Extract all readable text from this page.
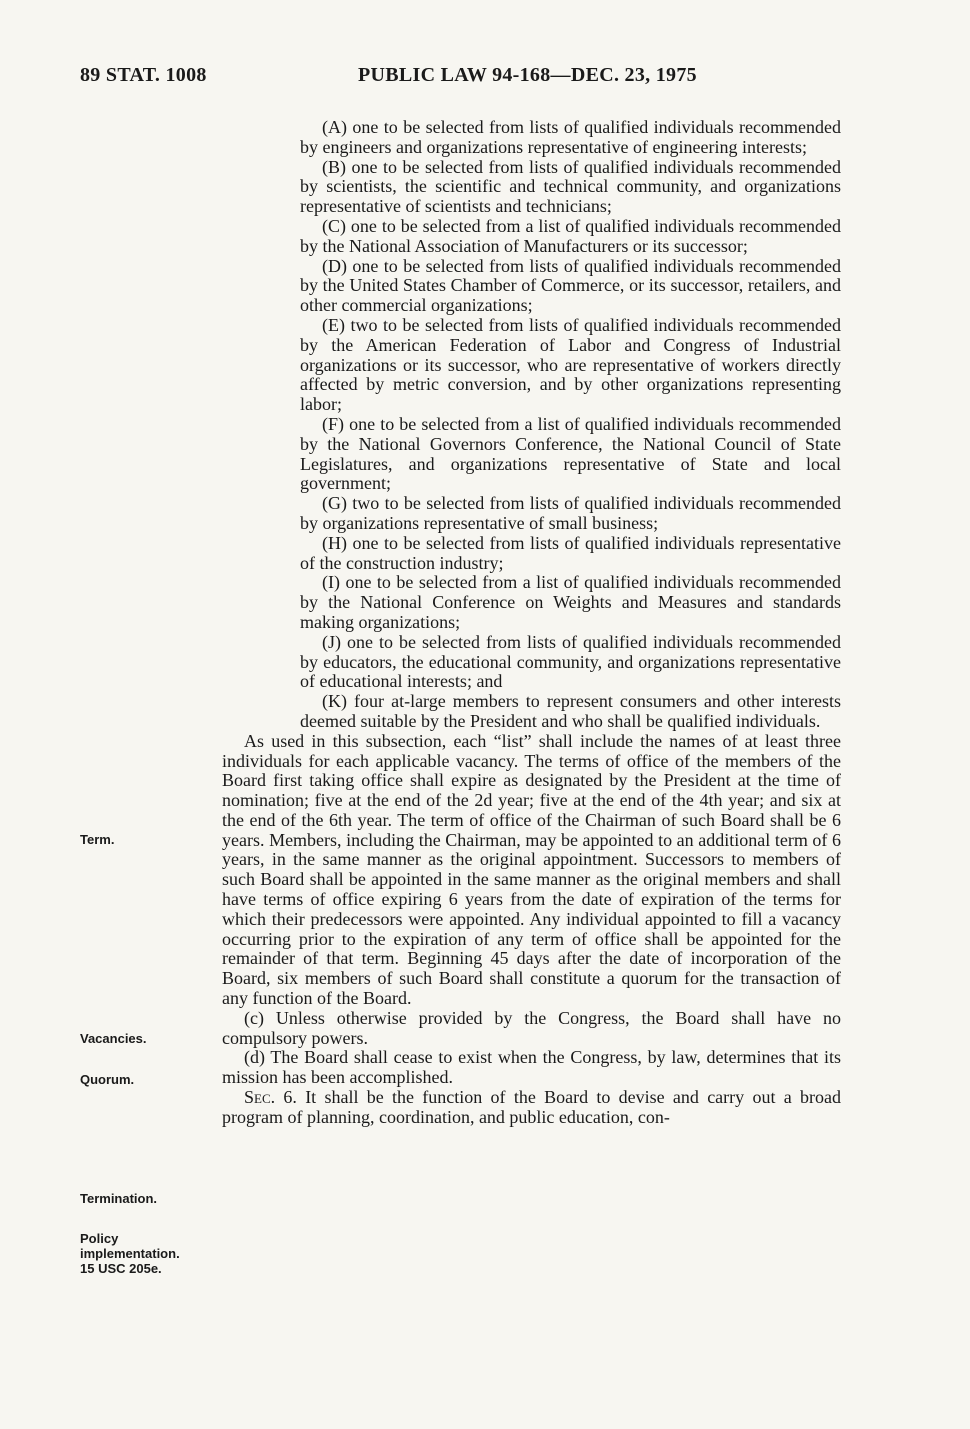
89 STAT. 1008	PUBLIC LAW 94-168—DEC. 23, 1975

(A) one to be selected from lists of qualified individuals recommended by engineers and organizations representative of engineering interests;

(B) one to be selected from lists of qualified individuals recommended by scientists, the scientific and technical community, and organizations representative of scientists and technicians;

(C) one to be selected from a list of qualified individuals recommended by the National Association of Manufacturers or its successor;

(D) one to be selected from lists of qualified individuals recommended by the United States Chamber of Commerce, or its successor, retailers, and other commercial organizations;

(E) two to be selected from lists of qualified individuals recommended by the American Federation of Labor and Congress of Industrial organizations or its successor, who are representative of workers directly affected by metric conversion, and by other organizations representing labor;

(F) one to be selected from a list of qualified individuals recommended by the National Governors Conference, the National Council of State Legislatures, and organizations representative of State and local government;

(G) two to be selected from lists of qualified individuals recommended by organizations representative of small business;

(H) one to be selected from lists of qualified individuals representative of the construction industry;

(I) one to be selected from a list of qualified individuals recommended by the National Conference on Weights and Measures and standards making organizations;

(J) one to be selected from lists of qualified individuals recommended by educators, the educational community, and organizations representative of educational interests; and

(K) four at-large members to represent consumers and other interests deemed suitable by the President and who shall be qualified individuals.

As used in this subsection, each “list” shall include the names of at least three individuals for each applicable vacancy. The terms of office of the members of the Board first taking office shall expire as designated by the President at the time of nomination; five at the end of the 2d year; five at the end of the 4th year; and six at the end of the 6th year. The term of office of the Chairman of such Board shall be 6 years. Members, including the Chairman, may be appointed to an additional term of 6 years, in the same manner as the original appointment. Successors to members of such Board shall be appointed in the same manner as the original members and shall have terms of office expiring 6 years from the date of expiration of the terms for which their predecessors were appointed. Any individual appointed to fill a vacancy occurring prior to the expiration of any term of office shall be appointed for the remainder of that term. Beginning 45 days after the date of incorporation of the Board, six members of such Board shall constitute a quorum for the transaction of any function of the Board.

(c) Unless otherwise provided by the Congress, the Board shall have no compulsory powers.

(d) The Board shall cease to exist when the Congress, by law, determines that its mission has been accomplished.

Sec. 6. It shall be the function of the Board to devise and carry out a broad program of planning, coordination, and public education, con-

Term.
Vacancies.
Quorum.
Termination.
Policy
implementation.
15 USC 205e.
